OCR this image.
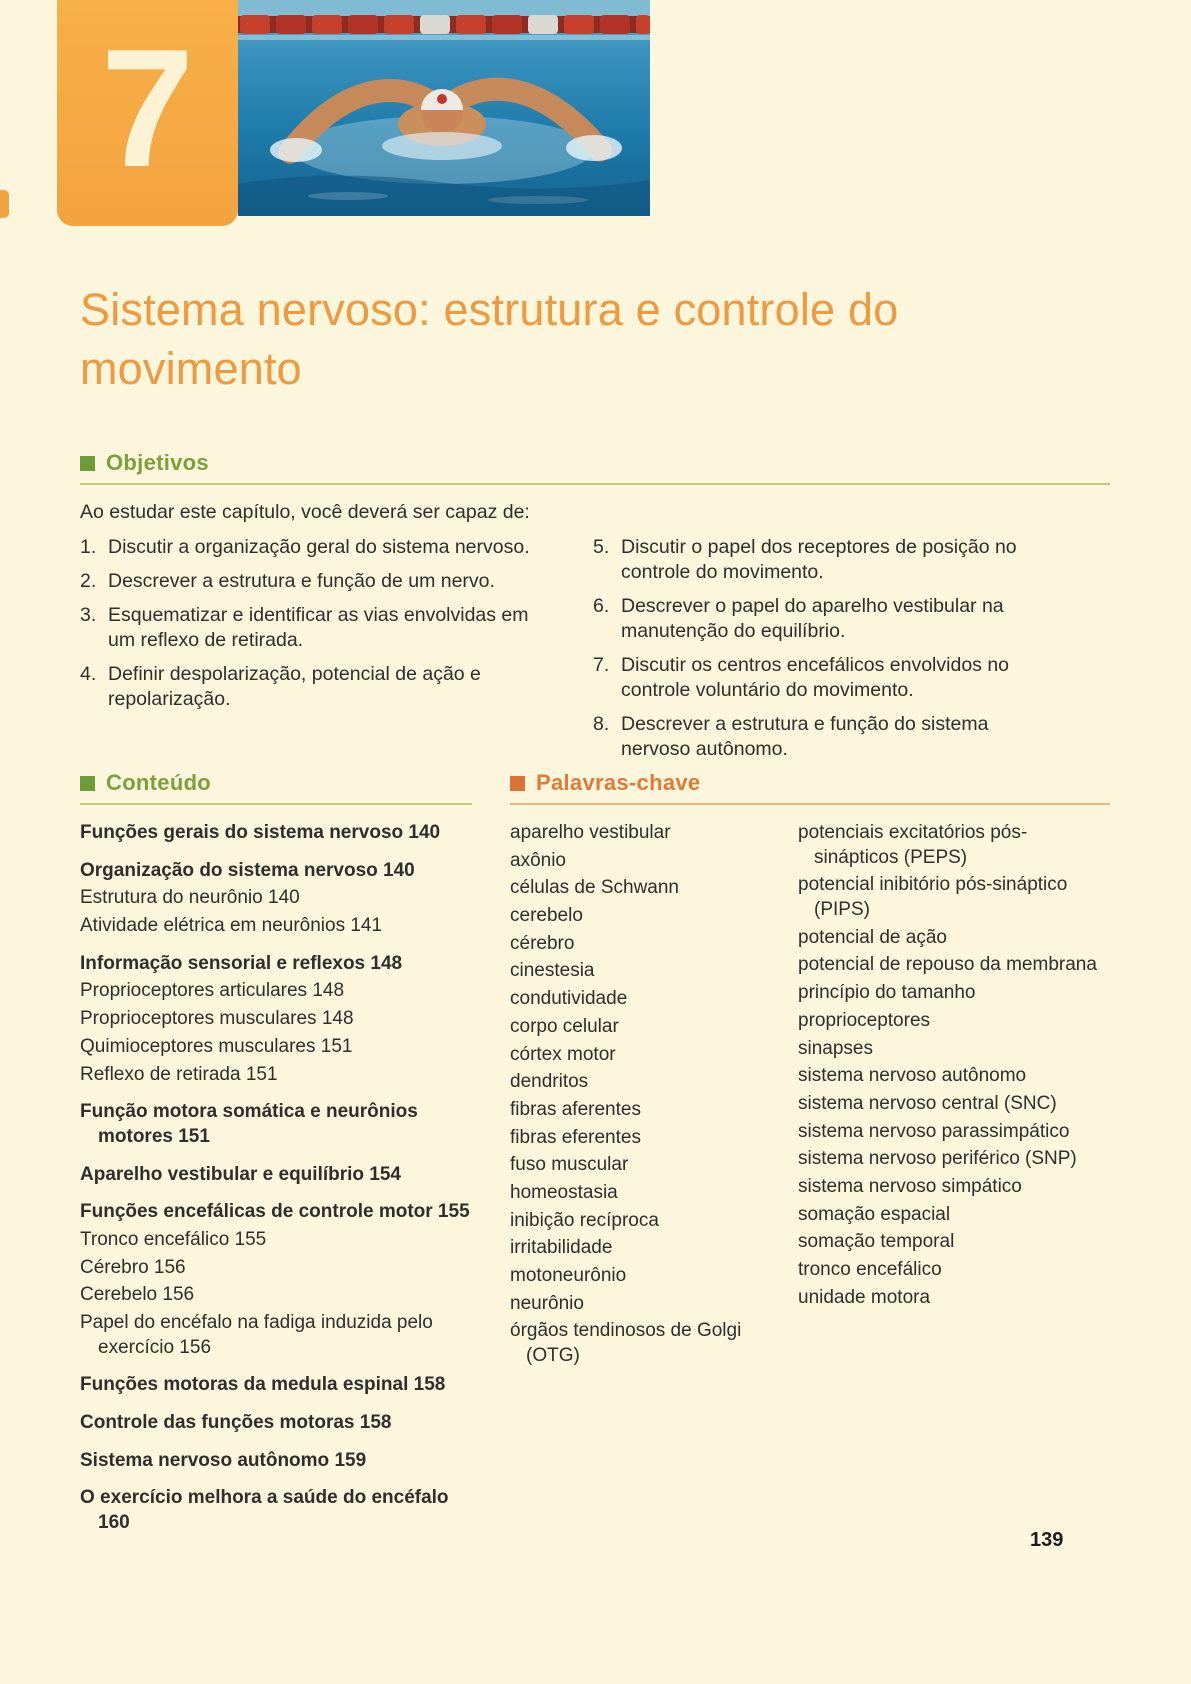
7
Sistema nervoso: estrutura e controle do movimento
Objetivos
Ao estudar este capítulo, você deverá ser capaz de:
1. Discutir a organização geral do sistema nervoso.
2. Descrever a estrutura e função de um nervo.
3. Esquematizar e identificar as vias envolvidas em um reflexo de retirada.
4. Definir despolarização, potencial de ação e repolarização.
5. Discutir o papel dos receptores de posição no controle do movimento.
6. Descrever o papel do aparelho vestibular na manutenção do equilíbrio.
7. Discutir os centros encefálicos envolvidos no controle voluntário do movimento.
8. Descrever a estrutura e função do sistema nervoso autônomo.
Conteúdo
Funções gerais do sistema nervoso 140
Organização do sistema nervoso 140
Estrutura do neurônio 140
Atividade elétrica em neurônios 141
Informação sensorial e reflexos 148
Proprioceptores articulares 148
Proprioceptores musculares 148
Quimioceptores musculares 151
Reflexo de retirada 151
Função motora somática e neurônios motores 151
Aparelho vestibular e equilíbrio 154
Funções encefálicas de controle motor 155
Tronco encefálico 155
Cérebro 156
Cerebelo 156
Papel do encéfalo na fadiga induzida pelo exercício 156
Funções motoras da medula espinal 158
Controle das funções motoras 158
Sistema nervoso autônomo 159
O exercício melhora a saúde do encéfalo 160
Palavras-chave
aparelho vestibular
axônio
células de Schwann
cerebelo
cérebro
cinestesia
condutividade
corpo celular
córtex motor
dendritos
fibras aferentes
fibras eferentes
fuso muscular
homeostasia
inibição recíproca
irritabilidade
motoneurônio
neurônio
órgãos tendinosos de Golgi (OTG)
potenciais excitatórios pós-sinápticos (PEPS)
potencial inibitório pós-sináptico (PIPS)
potencial de ação
potencial de repouso da membrana
princípio do tamanho
proprioceptores
sinapses
sistema nervoso autônomo
sistema nervoso central (SNC)
sistema nervoso parassimpático
sistema nervoso periférico (SNP)
sistema nervoso simpático
somação espacial
somação temporal
tronco encefálico
unidade motora
139
